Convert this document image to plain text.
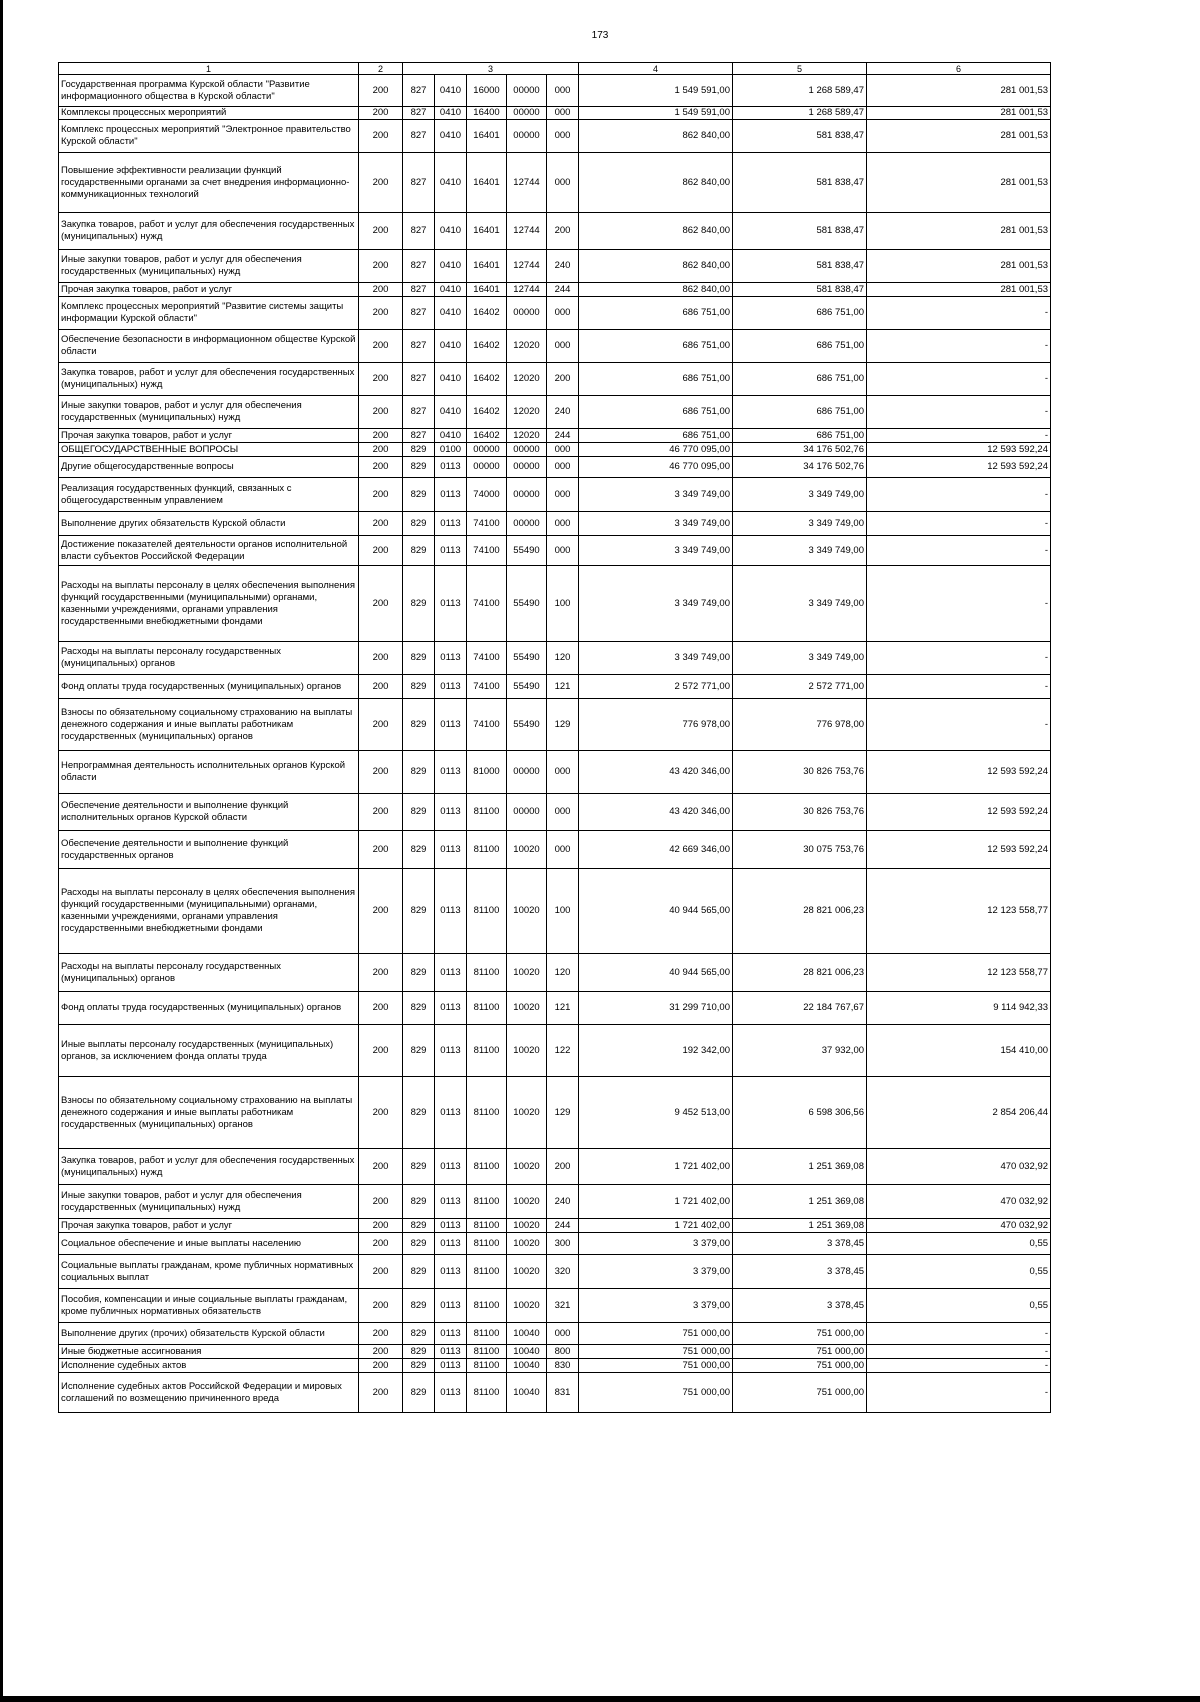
173
1	2	3					4	5	6
Государственная программа Курской области "Развитие информационного общества в Курской области"	200	827	0410	16000	00000	000	1 549 591,00	1 268 589,47	281 001,53
Комплексы процессных мероприятий	200	827	0410	16400	00000	000	1 549 591,00	1 268 589,47	281 001,53
Комплекс процессных мероприятий "Электронное правительство Курской области"	200	827	0410	16401	00000	000	862 840,00	581 838,47	281 001,53
Повышение эффективности реализации функций государственными органами за счет внедрения информационно-коммуникационных технологий	200	827	0410	16401	12744	000	862 840,00	581 838,47	281 001,53
Закупка товаров, работ и услуг для обеспечения государственных (муниципальных) нужд	200	827	0410	16401	12744	200	862 840,00	581 838,47	281 001,53
Иные закупки товаров, работ и услуг для обеспечения государственных (муниципальных) нужд	200	827	0410	16401	12744	240	862 840,00	581 838,47	281 001,53
Прочая закупка товаров, работ и услуг	200	827	0410	16401	12744	244	862 840,00	581 838,47	281 001,53
Комплекс процессных мероприятий "Развитие системы защиты информации Курской области"	200	827	0410	16402	00000	000	686 751,00	686 751,00	-
Обеспечение безопасности в информационном обществе Курской области	200	827	0410	16402	12020	000	686 751,00	686 751,00	-
Закупка товаров, работ и услуг для обеспечения государственных (муниципальных) нужд	200	827	0410	16402	12020	200	686 751,00	686 751,00	-
Иные закупки товаров, работ и услуг для обеспечения государственных (муниципальных) нужд	200	827	0410	16402	12020	240	686 751,00	686 751,00	-
Прочая закупка товаров, работ и услуг	200	827	0410	16402	12020	244	686 751,00	686 751,00	-
ОБЩЕГОСУДАРСТВЕННЫЕ ВОПРОСЫ	200	829	0100	00000	00000	000	46 770 095,00	34 176 502,76	12 593 592,24
Другие общегосударственные вопросы	200	829	0113	00000	00000	000	46 770 095,00	34 176 502,76	12 593 592,24
Реализация государственных функций, связанных с общегосударственным управлением	200	829	0113	74000	00000	000	3 349 749,00	3 349 749,00	-
Выполнение других обязательств Курской области	200	829	0113	74100	00000	000	3 349 749,00	3 349 749,00	-
Достижение показателей деятельности органов исполнительной власти субъектов Российской Федерации	200	829	0113	74100	55490	000	3 349 749,00	3 349 749,00	-
Расходы на выплаты персоналу в целях обеспечения выполнения функций государственными (муниципальными) органами, казенными учреждениями, органами управления государственными внебюджетными фондами	200	829	0113	74100	55490	100	3 349 749,00	3 349 749,00	-
Расходы на выплаты персоналу государственных (муниципальных) органов	200	829	0113	74100	55490	120	3 349 749,00	3 349 749,00	-
Фонд оплаты труда государственных (муниципальных) органов	200	829	0113	74100	55490	121	2 572 771,00	2 572 771,00	-
Взносы по обязательному социальному страхованию на выплаты денежного содержания и иные выплаты работникам государственных (муниципальных) органов	200	829	0113	74100	55490	129	776 978,00	776 978,00	-
Непрограммная деятельность исполнительных органов Курской области	200	829	0113	81000	00000	000	43 420 346,00	30 826 753,76	12 593 592,24
Обеспечение деятельности и выполнение функций исполнительных органов Курской области	200	829	0113	81100	00000	000	43 420 346,00	30 826 753,76	12 593 592,24
Обеспечение деятельности и выполнение функций государственных органов	200	829	0113	81100	10020	000	42 669 346,00	30 075 753,76	12 593 592,24
Расходы на выплаты персоналу в целях обеспечения выполнения функций государственными (муниципальными) органами, казенными учреждениями, органами управления государственными внебюджетными фондами	200	829	0113	81100	10020	100	40 944 565,00	28 821 006,23	12 123 558,77
Расходы на выплаты персоналу государственных (муниципальных) органов	200	829	0113	81100	10020	120	40 944 565,00	28 821 006,23	12 123 558,77
Фонд оплаты труда государственных (муниципальных) органов	200	829	0113	81100	10020	121	31 299 710,00	22 184 767,67	9 114 942,33
Иные выплаты персоналу государственных (муниципальных) органов, за исключением фонда оплаты труда	200	829	0113	81100	10020	122	192 342,00	37 932,00	154 410,00
Взносы по обязательному социальному страхованию на выплаты денежного содержания и иные выплаты работникам государственных (муниципальных) органов	200	829	0113	81100	10020	129	9 452 513,00	6 598 306,56	2 854 206,44
Закупка товаров, работ и услуг для обеспечения государственных (муниципальных) нужд	200	829	0113	81100	10020	200	1 721 402,00	1 251 369,08	470 032,92
Иные закупки товаров, работ и услуг для обеспечения государственных (муниципальных) нужд	200	829	0113	81100	10020	240	1 721 402,00	1 251 369,08	470 032,92
Прочая закупка товаров, работ и услуг	200	829	0113	81100	10020	244	1 721 402,00	1 251 369,08	470 032,92
Социальное обеспечение и иные выплаты населению	200	829	0113	81100	10020	300	3 379,00	3 378,45	0,55
Социальные выплаты гражданам, кроме публичных нормативных социальных выплат	200	829	0113	81100	10020	320	3 379,00	3 378,45	0,55
Пособия, компенсации и иные социальные выплаты гражданам, кроме публичных нормативных обязательств	200	829	0113	81100	10020	321	3 379,00	3 378,45	0,55
Выполнение других (прочих) обязательств Курской области	200	829	0113	81100	10040	000	751 000,00	751 000,00	-
Иные бюджетные ассигнования	200	829	0113	81100	10040	800	751 000,00	751 000,00	-
Исполнение судебных актов	200	829	0113	81100	10040	830	751 000,00	751 000,00	-
Исполнение судебных актов Российской Федерации и мировых соглашений по возмещению причиненного вреда	200	829	0113	81100	10040	831	751 000,00	751 000,00	-
